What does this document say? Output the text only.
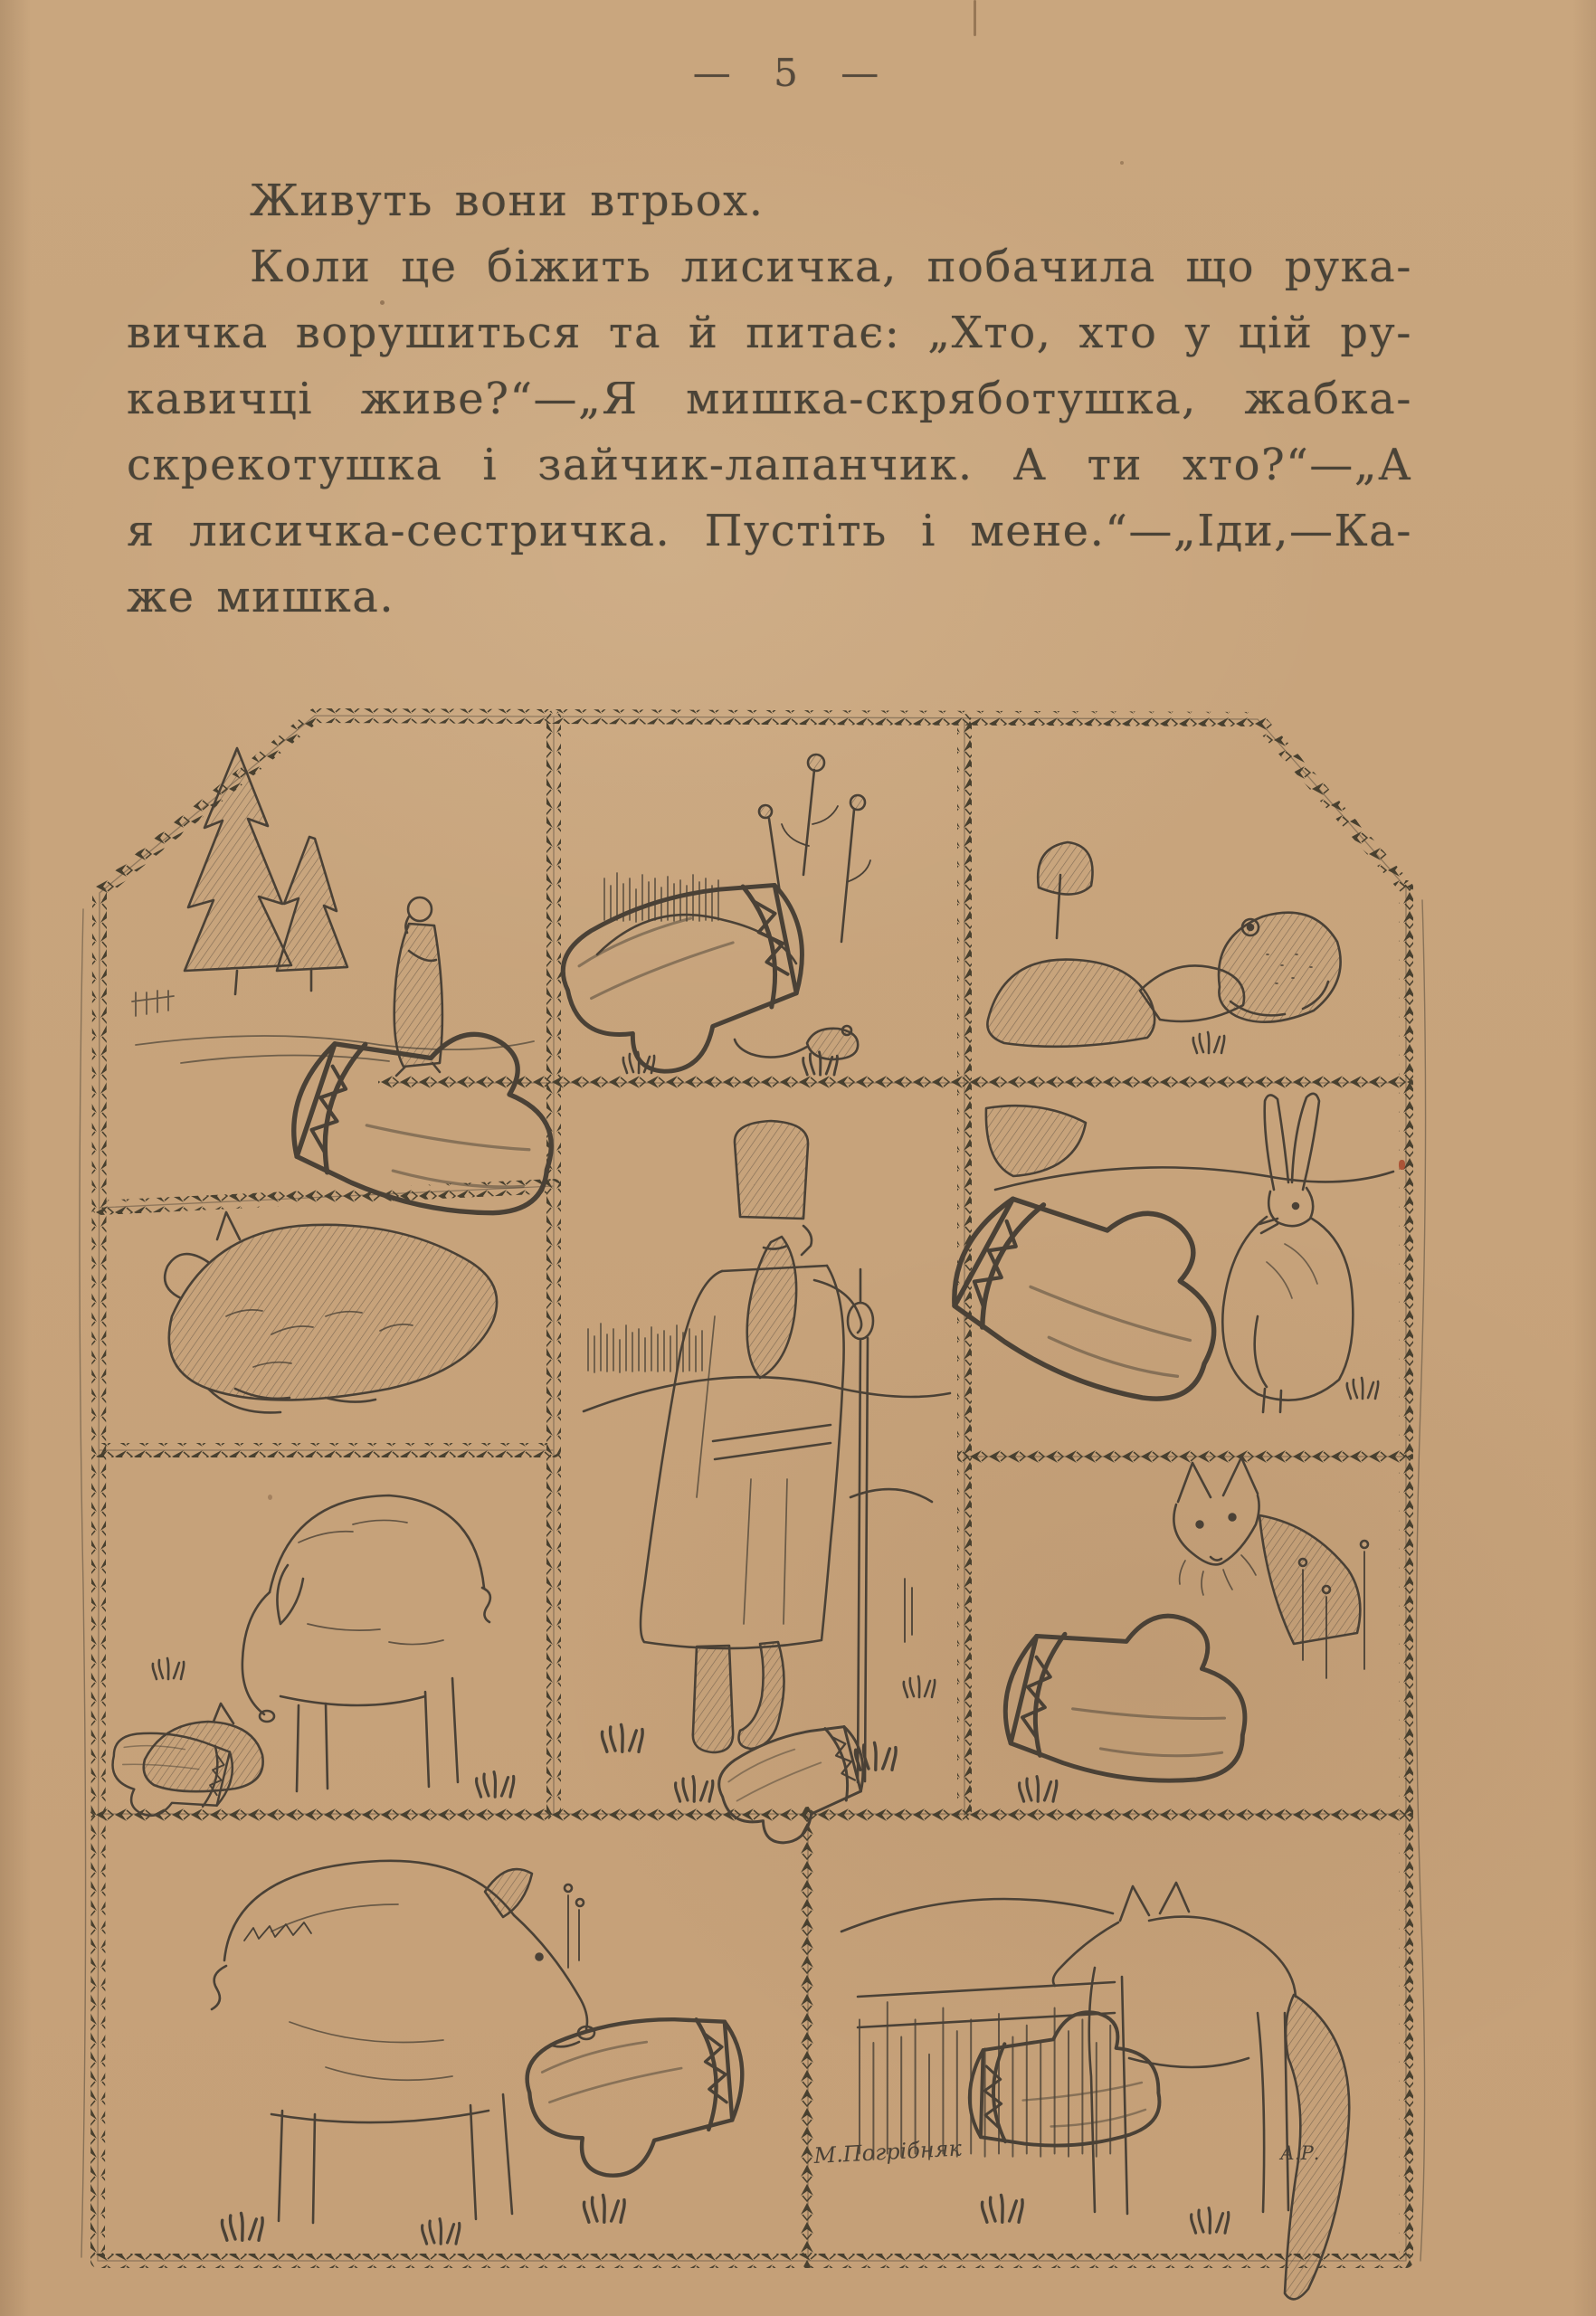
— 5 —
Живуть вони втрьох.
Коли це біжить лисичка, побачила що рука-
вичка ворушиться та й питає: „Хто, хто у цій ру-
кавичці живе?“—„Я мишка-скряботушка, жабка-
скрекотушка і зайчик-лапанчик. А ти хто?“—„А
я лисичка-сестричка. Пустіть і мене.“—„Іди,—Ка-
же мишка.
М.Погрібняк	А.Р.
